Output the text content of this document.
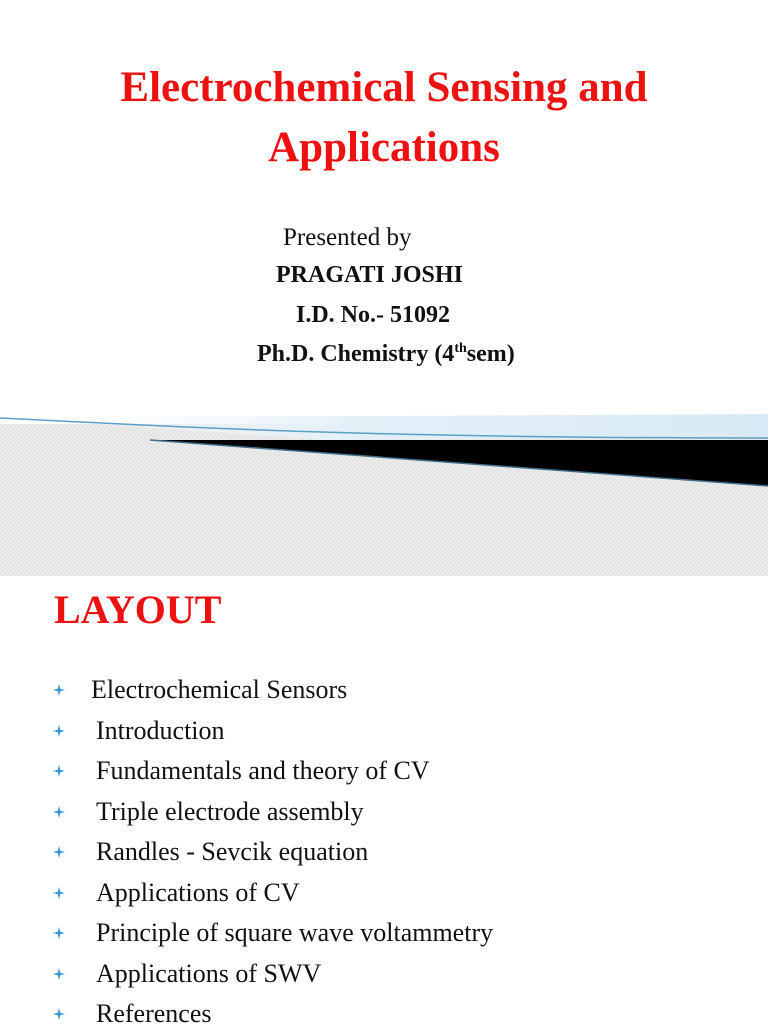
Electrochemical Sensing and
Applications
Presented by
PRAGATI JOSHI
I.D. No.- 51092
Ph.D. Chemistry (4thsem)
LAYOUT
Electrochemical Sensors
Introduction
Fundamentals and theory of CV
Triple electrode assembly
Randles - Sevcik equation
Applications of CV
Principle of square wave voltammetry
Applications of SWV
References
